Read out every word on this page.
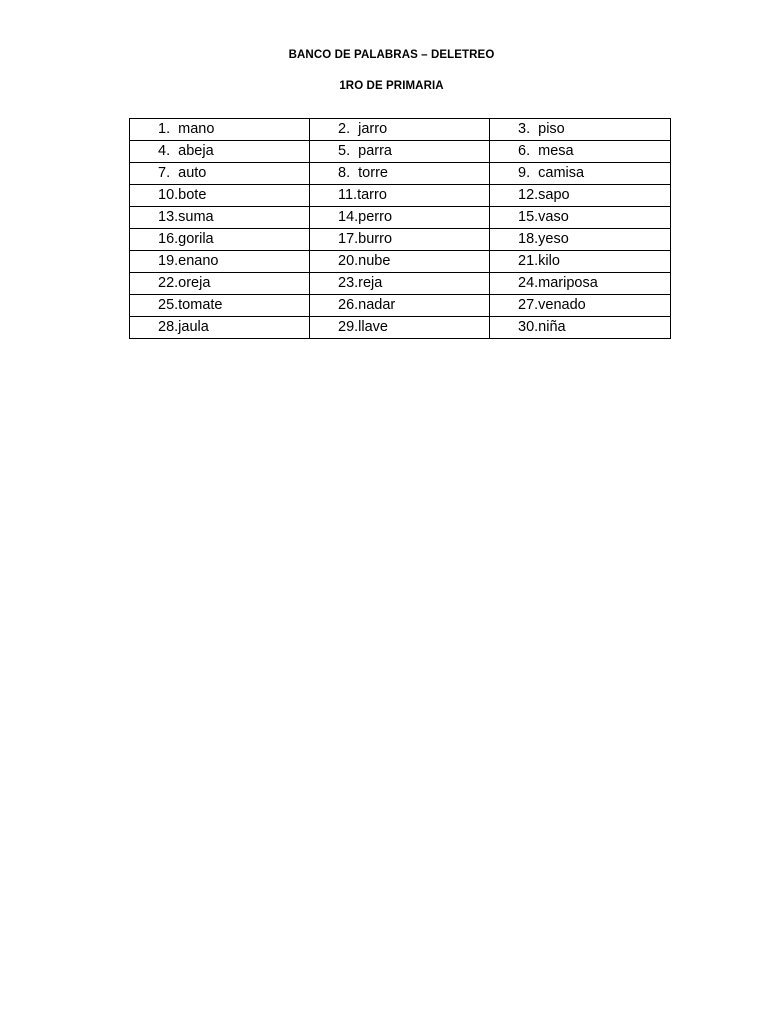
BANCO DE PALABRAS – DELETREO
1RO DE PRIMARIA
1.  mano	2.  jarro	3.  piso
4.  abeja	5.  parra	6.  mesa
7.  auto	8.  torre	9.  camisa
10.bote	11.tarro	12.sapo
13.suma	14.perro	15.vaso
16.gorila	17.burro	18.yeso
19.enano	20.nube	21.kilo
22.oreja	23.reja	24.mariposa
25.tomate	26.nadar	27.venado
28.jaula	29.llave	30.niña
